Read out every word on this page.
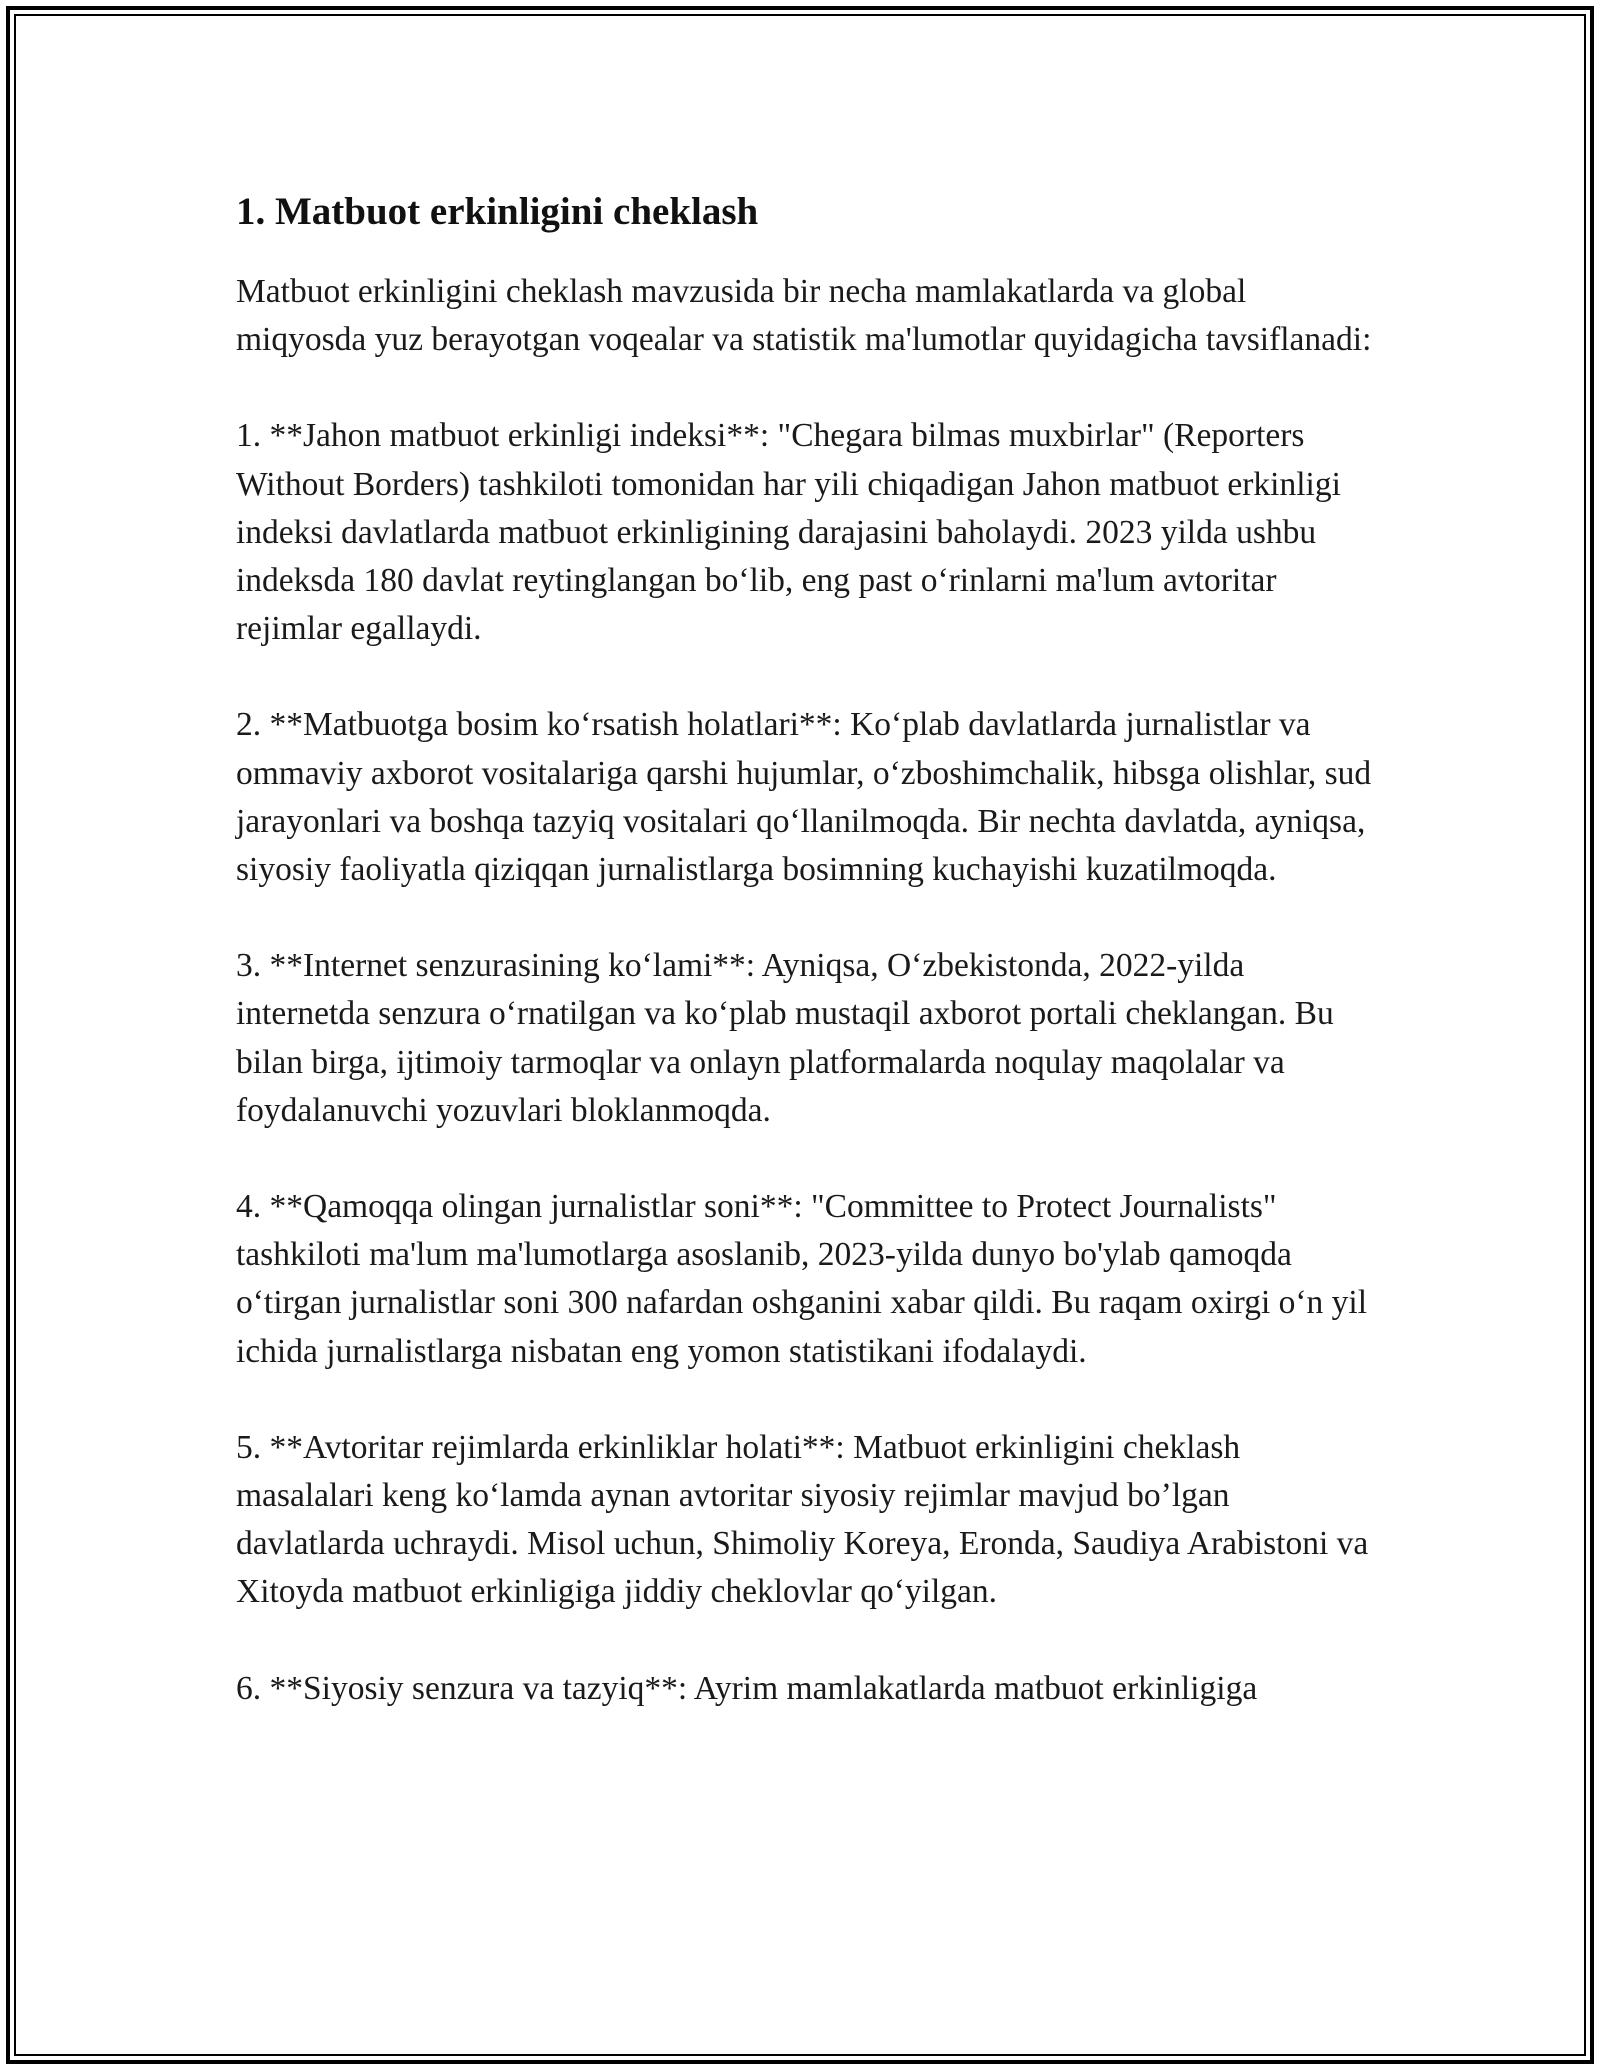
1. Matbuot erkinligini cheklash

Matbuot erkinligini cheklash mavzusida bir necha mamlakatlarda va global miqyosda yuz berayotgan voqealar va statistik ma'lumotlar quyidagicha tavsiflanadi:

1. **Jahon matbuot erkinligi indeksi**: "Chegara bilmas muxbirlar" (Reporters Without Borders) tashkiloti tomonidan har yili chiqadigan Jahon matbuot erkinligi indeksi davlatlarda matbuot erkinligining darajasini baholaydi. 2023 yilda ushbu indeksda 180 davlat reytinglangan boʻlib, eng past oʻrinlarni ma'lum avtoritar rejimlar egallaydi.

2. **Matbuotga bosim koʻrsatish holatlari**: Koʻplab davlatlarda jurnalistlar va ommaviy axborot vositalariga qarshi hujumlar, oʻzboshimchalik, hibsga olishlar, sud jarayonlari va boshqa tazyiq vositalari qoʻllanilmoqda. Bir nechta davlatda, ayniqsa, siyosiy faoliyatla qiziqqan jurnalistlarga bosimning kuchayishi kuzatilmoqda.

3. **Internet senzurasining koʻlami**: Ayniqsa, Oʻzbekistonda, 2022-yilda internetda senzura oʻrnatilgan va koʻplab mustaqil axborot portali cheklangan. Bu bilan birga, ijtimoiy tarmoqlar va onlayn platformalarda noqulay maqolalar va foydalanuvchi yozuvlari bloklanmoqda.

4. **Qamoqqa olingan jurnalistlar soni**: "Committee to Protect Journalists" tashkiloti ma'lum ma'lumotlarga asoslanib, 2023-yilda dunyo bo'ylab qamoqda oʻtirgan jurnalistlar soni 300 nafardan oshganini xabar qildi. Bu raqam oxirgi oʻn yil ichida jurnalistlarga nisbatan eng yomon statistikani ifodalaydi.

5. **Avtoritar rejimlarda erkinliklar holati**: Matbuot erkinligini cheklash masalalari keng koʻlamda aynan avtoritar siyosiy rejimlar mavjud boʼlgan davlatlarda uchraydi. Misol uchun, Shimoliy Koreya, Eronda, Saudiya Arabistoni va Xitoyda matbuot erkinligiga jiddiy cheklovlar qoʻyilgan.

6. **Siyosiy senzura va tazyiq**: Ayrim mamlakatlarda matbuot erkinligiga
